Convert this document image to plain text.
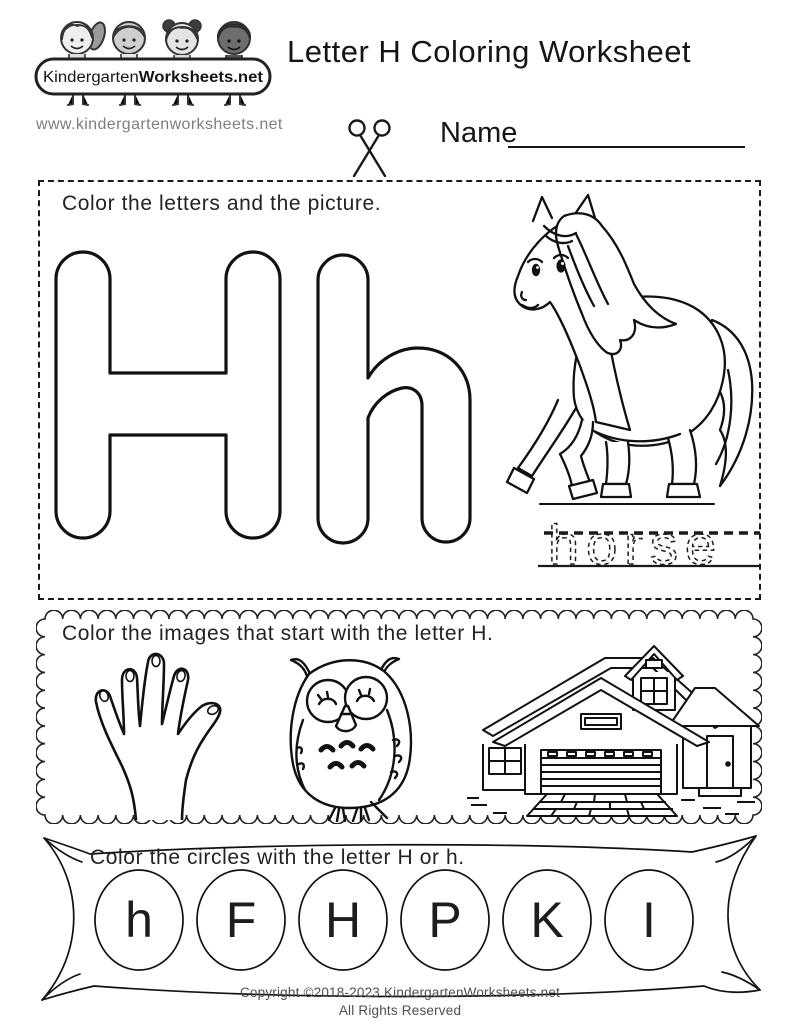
Kindergarten Worksheets.net
www.kindergartenworksheets.net
Letter H Coloring Worksheet
Name
Color the letters and the picture.
horse
Color the images that start with the letter H.
h F H P K I
Color the circles with the letter H or h.
Copyright ©2018-2023 KindergartenWorksheets.net
All Rights Reserved
